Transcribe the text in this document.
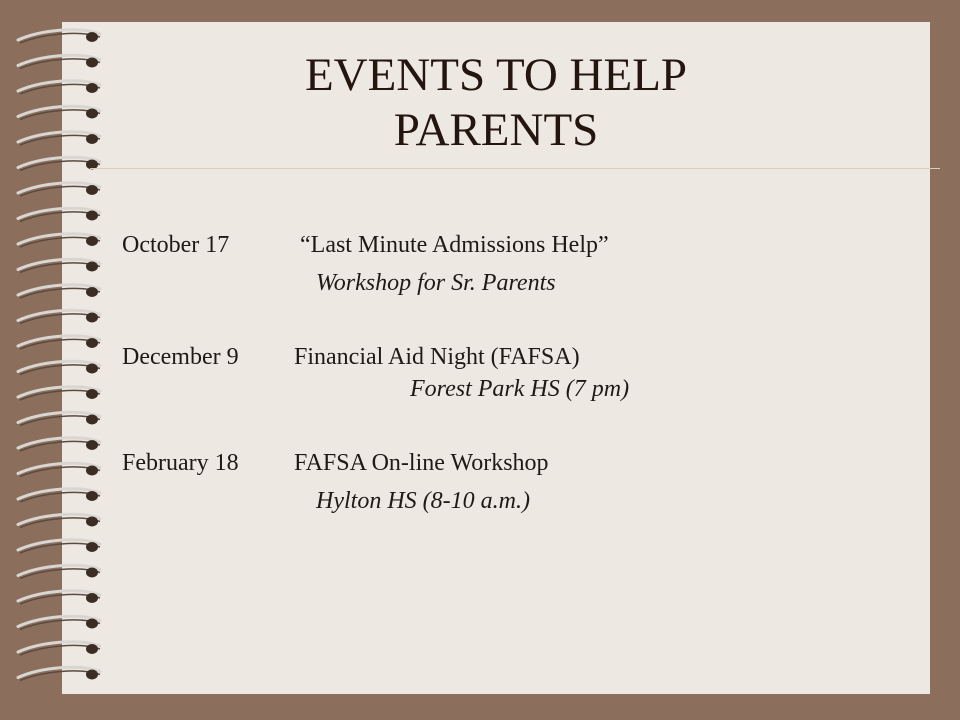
EVENTS TO HELP
PARENTS
October 17	“Last Minute Admissions Help”
Workshop for Sr. Parents
December 9 Financial Aid Night (FAFSA)
Forest Park HS (7 pm)
February 18 FAFSA On-line Workshop
Hylton HS (8-10 a.m.)
